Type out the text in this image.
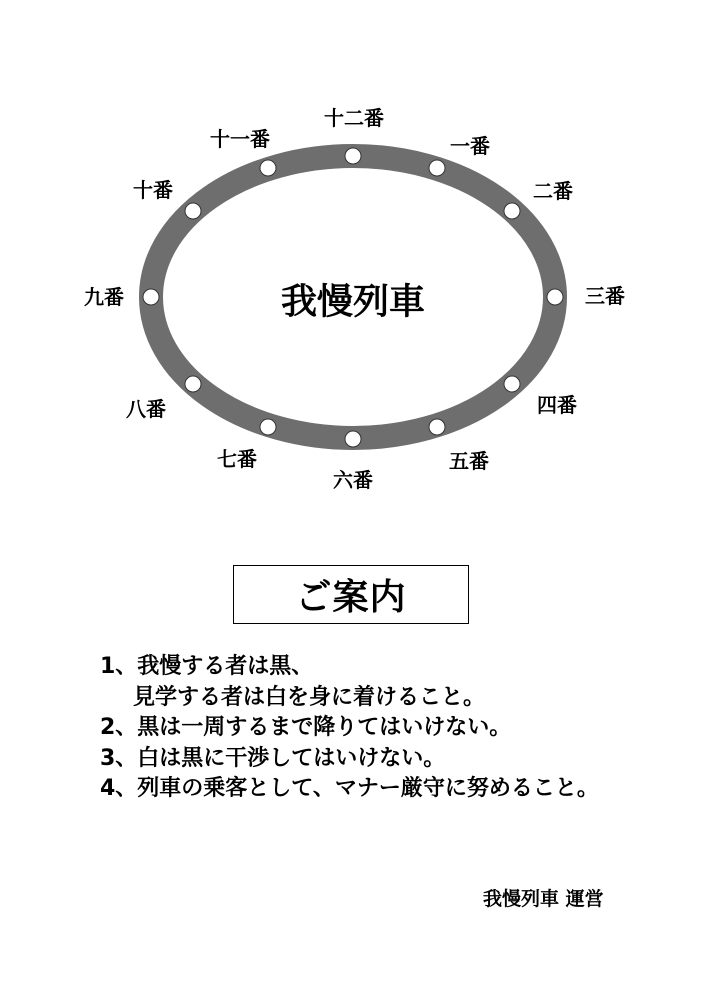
十二番
一番
二番
三番
四番
五番
六番
七番
八番
九番
十番
十一番
我慢列車
ご案内
1、我慢する者は黒、
見学する者は白を身に着けること。
2、黒は一周するまで降りてはいけない。
3、白は黒に干渉してはいけない。
4、列車の乗客として、マナー厳守に努めること。
我慢列車 運営
